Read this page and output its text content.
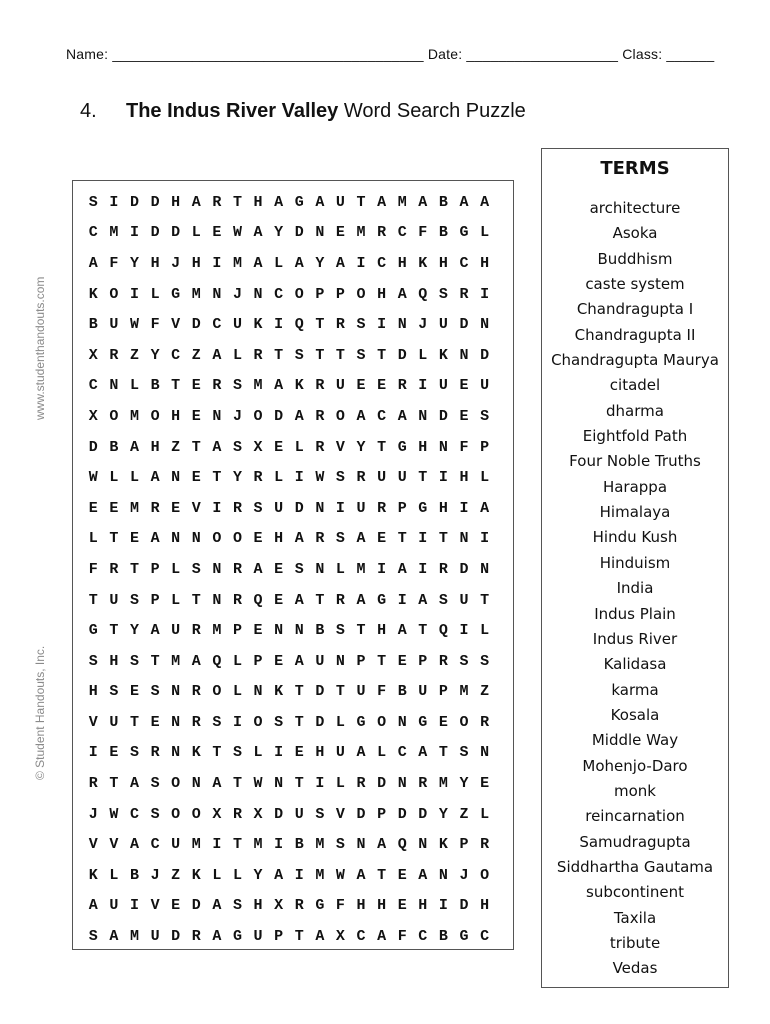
Name: _______________________________________ Date: ___________________ Class: ______
4. The Indus River Valley Word Search Puzzle
www.studenthandouts.com
© Student Handouts, Inc.
S I D D H A R T H A G A U T A M A B A A
C M I D D L E W A Y D N E M R C F B G L
A F Y H J H I M A L A Y A I C H K H C H
K O I L G M N J N C O P P O H A Q S R I
B U W F V D C U K I Q T R S I N J U D N
X R Z Y C Z A L R T S T T S T D L K N D
C N L B T E R S M A K R U E E R I U E U
X O M O H E N J O D A R O A C A N D E S
D B A H Z T A S X E L R V Y T G H N F P
W L L A N E T Y R L I W S R U U T I H L
E E M R E V I R S U D N I U R P G H I A
L T E A N N O O E H A R S A E T I T N I
F R T P L S N R A E S N L M I A I R D N
T U S P L T N R Q E A T R A G I A S U T
G T Y A U R M P E N N B S T H A T Q I L
S H S T M A Q L P E A U N P T E P R S S
H S E S N R O L N K T D T U F B U P M Z
V U T E N R S I O S T D L G O N G E O R
I E S R N K T S L I E H U A L C A T S N
R T A S O N A T W N T I L R D N R M Y E
J W C S O O X R X D U S V D P D D Y Z L
V V A C U M I T M I B M S N A Q N K P R
K L B J Z K L L Y A I M W A T E A N J O
A U I V E D A S H X R G F H H E H I D H
S A M U D R A G U P T A X C A F C B G C
TERMS
architecture
Asoka
Buddhism
caste system
Chandragupta I
Chandragupta II
Chandragupta Maurya
citadel
dharma
Eightfold Path
Four Noble Truths
Harappa
Himalaya
Hindu Kush
Hinduism
India
Indus Plain
Indus River
Kalidasa
karma
Kosala
Middle Way
Mohenjo-Daro
monk
reincarnation
Samudragupta
Siddhartha Gautama
subcontinent
Taxila
tribute
Vedas
